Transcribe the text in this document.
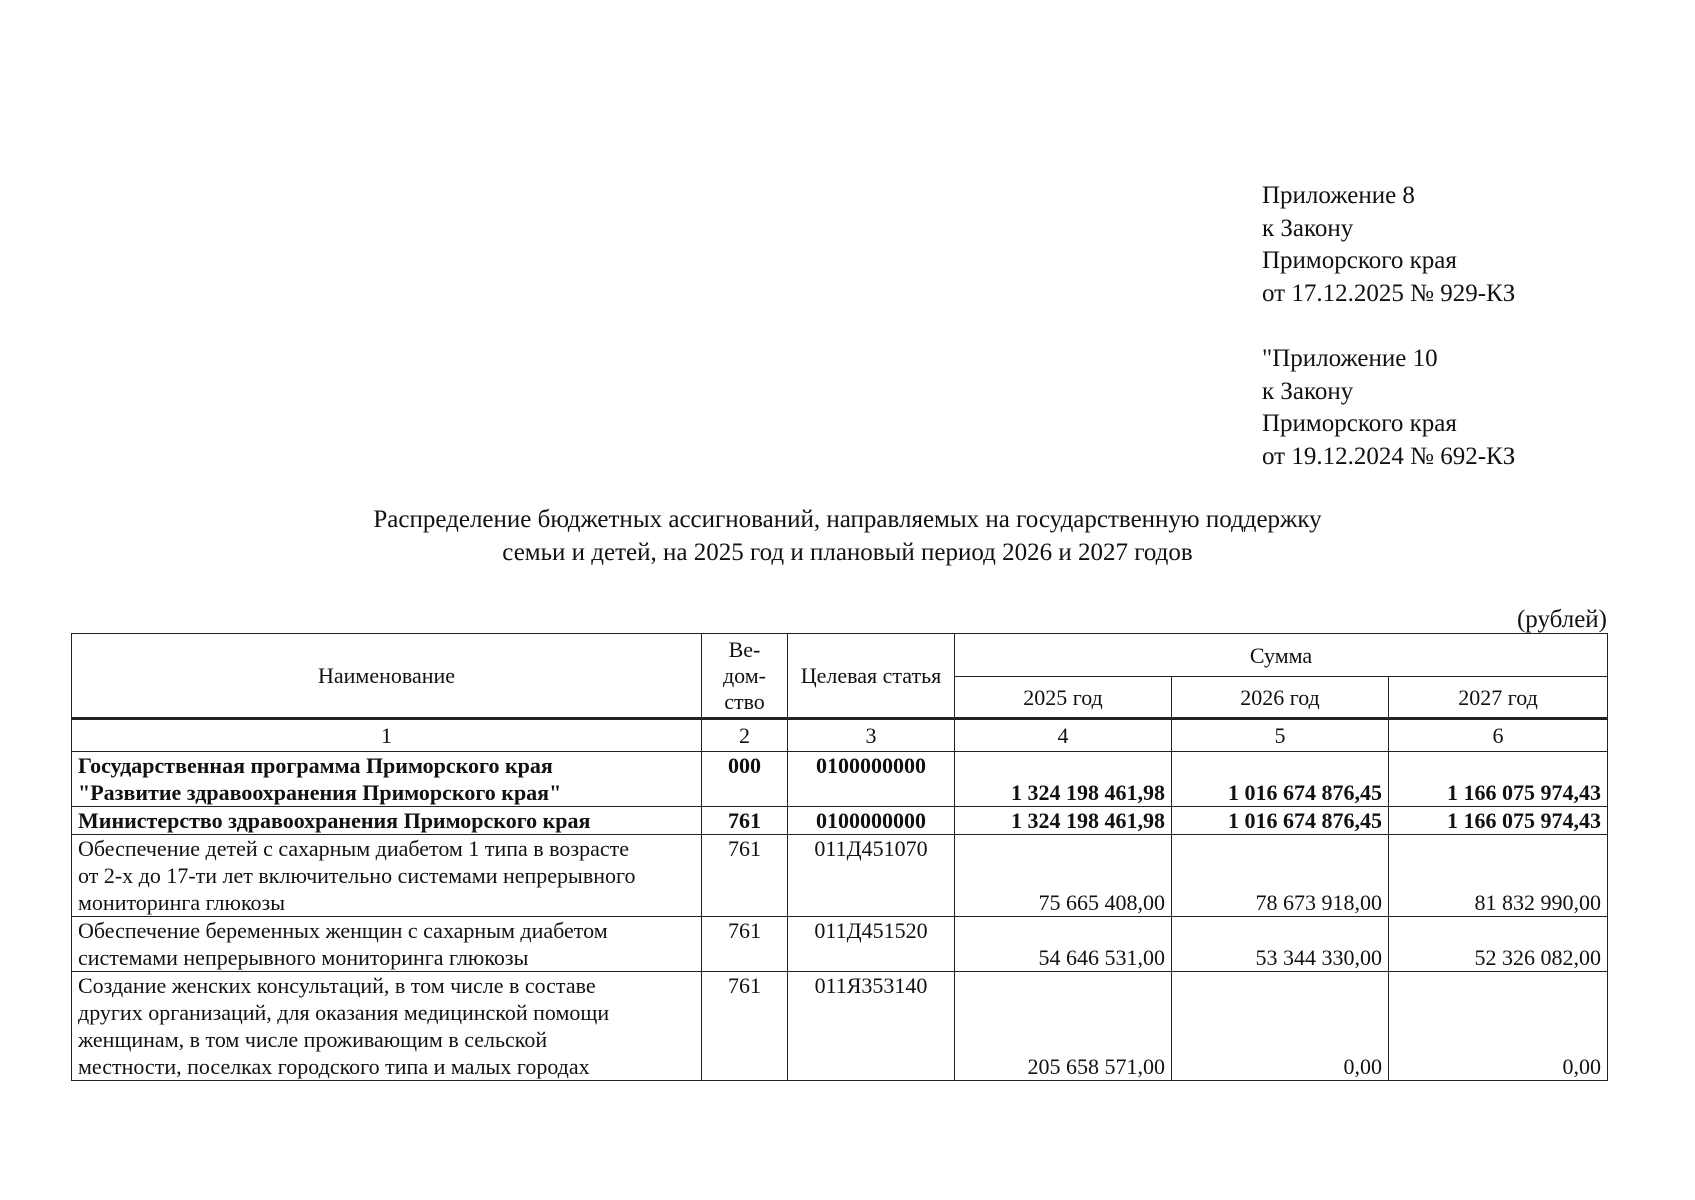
Приложение 8
к Закону
Приморского края
от 17.12.2025 № 929-КЗ
"Приложение 10
к Закону
Приморского края
от 19.12.2024 № 692-КЗ
Распределение бюджетных ассигнований, направляемых на государственную поддержку
семьи и детей, на 2025 год и плановый период 2026 и 2027 годов
(рублей)
Наименование	Ве-
дом-
ство	Целевая статья	Сумма		
			2025 год	2026 год	2027 год
1	2	3	4	5	6

Государственная программа Приморского края
"Развитие здравоохранения Приморского края"	000	0100000000	1 324 198 461,98	1 016 674 876,45	1 166 075 974,43

Министерство здравоохранения Приморского края	761	0100000000	1 324 198 461,98	1 016 674 876,45	1 166 075 974,43

Обеспечение детей с сахарным диабетом 1 типа в возрасте
от 2-х до 17-ти лет включительно системами непрерывного
мониторинга глюкозы	761	011Д451070	75 665 408,00	78 673 918,00	81 832 990,00

Обеспечение беременных женщин с сахарным диабетом
системами непрерывного мониторинга глюкозы	761	011Д451520	54 646 531,00	53 344 330,00	52 326 082,00

Создание женских консультаций, в том числе в составе
других организаций, для оказания медицинской помощи
женщинам, в том числе проживающим в сельской
местности, поселках городского типа и малых городах	761	011Я353140	205 658 571,00	0,00	0,00
